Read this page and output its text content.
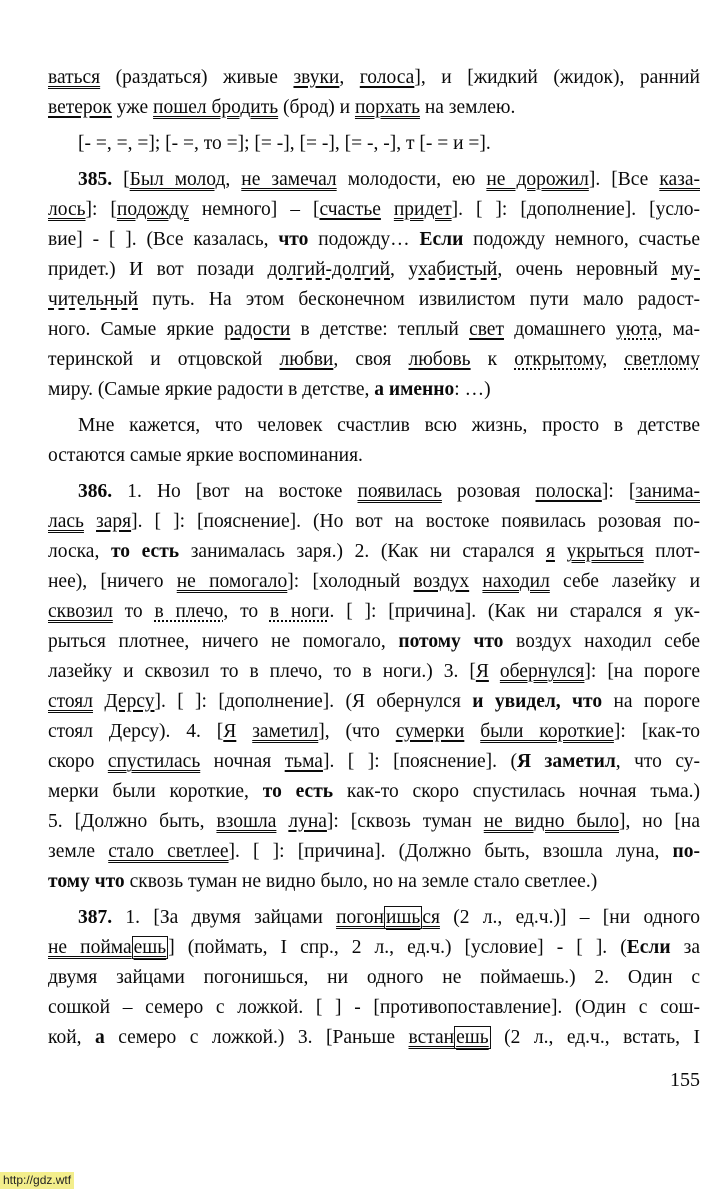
ваться (раздаться) живые звуки, голоса], и [жидкий (жидок), ранний
ветерок уже пошел бродить (брод) и порхать на землею.
[- =, =, =]; [- =, то =]; [= -], [= -], [= -, -], т [- = и =].
385. [Был молод, не замечал молодости, ею не дорожил]. [Все каза-
лось]: [подожду немного] – [счастье придет]. [ ]: [дополнение]. [усло-
вие] - [ ]. (Все казалась, что подожду… Если подожду немного, счастье
придет.) И вот позади долгий-долгий, ухабистый, очень неровный му-
чительный путь. На этом бесконечном извилистом пути мало радост-
ного. Самые яркие радости в детстве: теплый свет домашнего уюта, ма-
теринской и отцовской любви, своя любовь к открытому, светлому
миру. (Самые яркие радости в детстве, а именно: …)
Мне кажется, что человек счастлив всю жизнь, просто в детстве
остаются самые яркие воспоминания.
386. 1. Но [вот на востоке появилась розовая полоска]: [занима-
лась заря]. [ ]: [пояснение]. (Но вот на востоке появилась розовая по-
лоска, то есть занималась заря.) 2. (Как ни старался я укрыться плот-
нее), [ничего не помогало]: [холодный воздух находил себе лазейку и
сквозил то в плечо, то в ноги. [ ]: [причина]. (Как ни старался я ук-
рыться плотнее, ничего не помогало, потому что воздух находил себе
лазейку и сквозил то в плечо, то в ноги.) 3. [Я обернулся]: [на пороге
стоял Дерсу]. [ ]: [дополнение]. (Я обернулся и увидел, что на пороге
стоял Дерсу). 4. [Я заметил], (что сумерки были короткие]: [как-то
скоро спустилась ночная тьма]. [ ]: [пояснение]. (Я заметил, что су-
мерки были короткие, то есть как-то скоро спустилась ночная тьма.)
5. [Должно быть, взошла луна]: [сквозь туман не видно было], но [на
земле стало светлее]. [ ]: [причина]. (Должно быть, взошла луна, по-
тому что сквозь туман не видно было, но на земле стало светлее.)
387. 1. [За двумя зайцами погон ишь ся (2 л., ед.ч.)] – [ни одного
не пойма ешь ] (поймать, I спр., 2 л., ед.ч.) [условие] - [ ]. (Если за
двумя зайцами погонишься, ни одного не поймаешь.) 2. Один с
сошкой – семеро с ложкой. [ ] - [противопоставление]. (Один с сош-
кой, а семеро с ложкой.) 3. [Раньше встан ешь (2 л., ед.ч., встать, I
155
http://gdz.wtf
